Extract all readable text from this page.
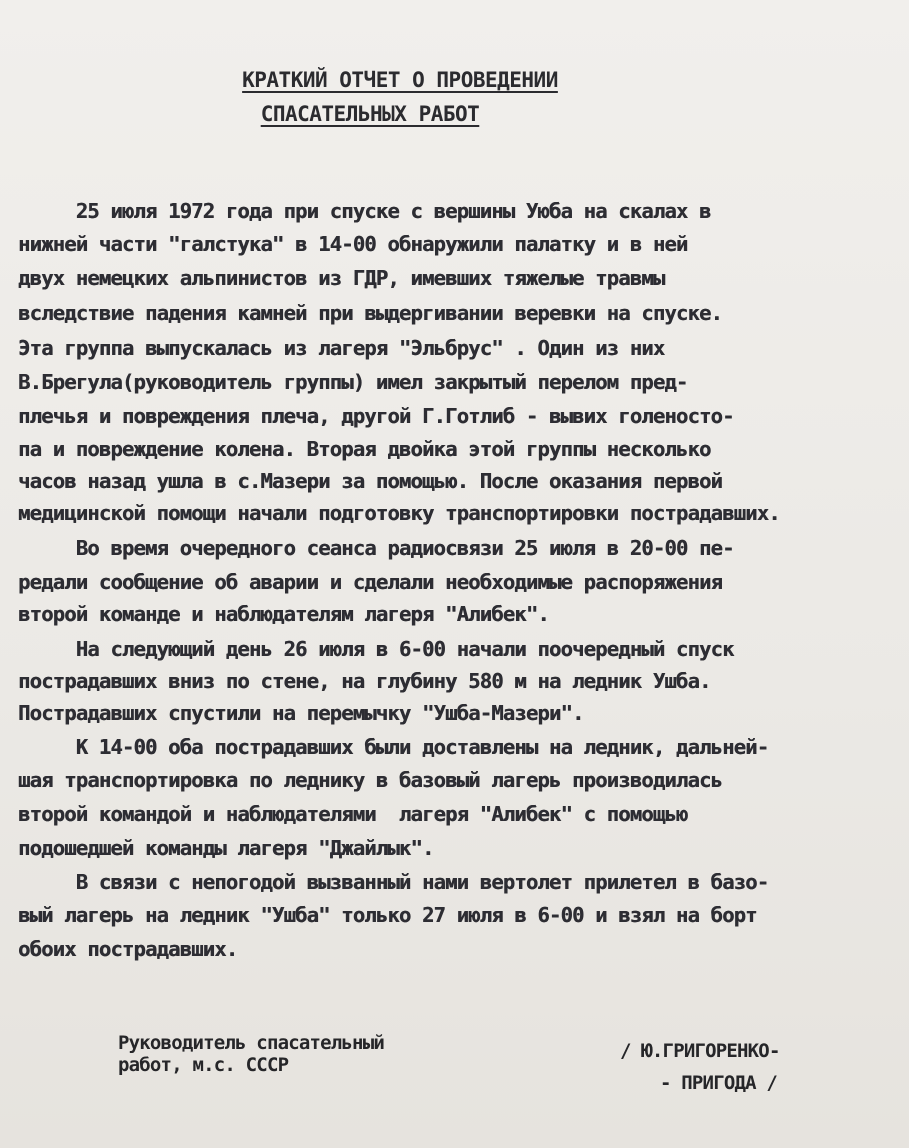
КРАТКИЙ ОТЧЕТ О ПРОВЕДЕНИИ
СПАСАТЕЛЬНЫХ РАБОТ
25 июля 1972 года при спуске с вершины Уюба на скалах в
нижней части "галстука" в 14-00 обнаружили палатку и в ней
двух немецких альпинистов из ГДР, имевших тяжелые травмы
вследствие падения камней при выдергивании веревки на спуске.
Эта группа выпускалась из лагеря "Эльбрус" . Один из них
В.Брегула(руководитель группы) имел закрытый перелом пред-
плечья и повреждения плеча, другой Г.Готлиб - вывих голеносто-
па и повреждение колена. Вторая двойка этой группы несколько
часов назад ушла в с.Мазери за помощью. После оказания первой
медицинской помощи начали подготовку транспортировки пострадавших.
Во время очередного сеанса радиосвязи 25 июля в 20-00 пе-
редали сообщение об аварии и сделали необходимые распоряжения
второй команде и наблюдателям лагеря "Алибек".
На следующий день 26 июля в 6-00 начали поочередный спуск
пострадавших вниз по стене, на глубину 580 м на ледник Ушба.
Пострадавших спустили на перемычку "Ушба-Мазери".
К 14-00 оба пострадавших были доставлены на ледник, дальней-
шая транспортировка по леднику в базовый лагерь производилась
второй командой и наблюдателями  лагеря "Алибек" с помощью
подошедшей команды лагеря "Джайлык".
В связи с непогодой вызванный нами вертолет прилетел в базо-
вый лагерь на ледник "Ушба" только 27 июля в 6-00 и взял на борт
обоих пострадавших.
Руководитель спасательный
работ, м.с. СССР
/ Ю.ГРИГОРЕНКО-
- ПРИГОДА /
